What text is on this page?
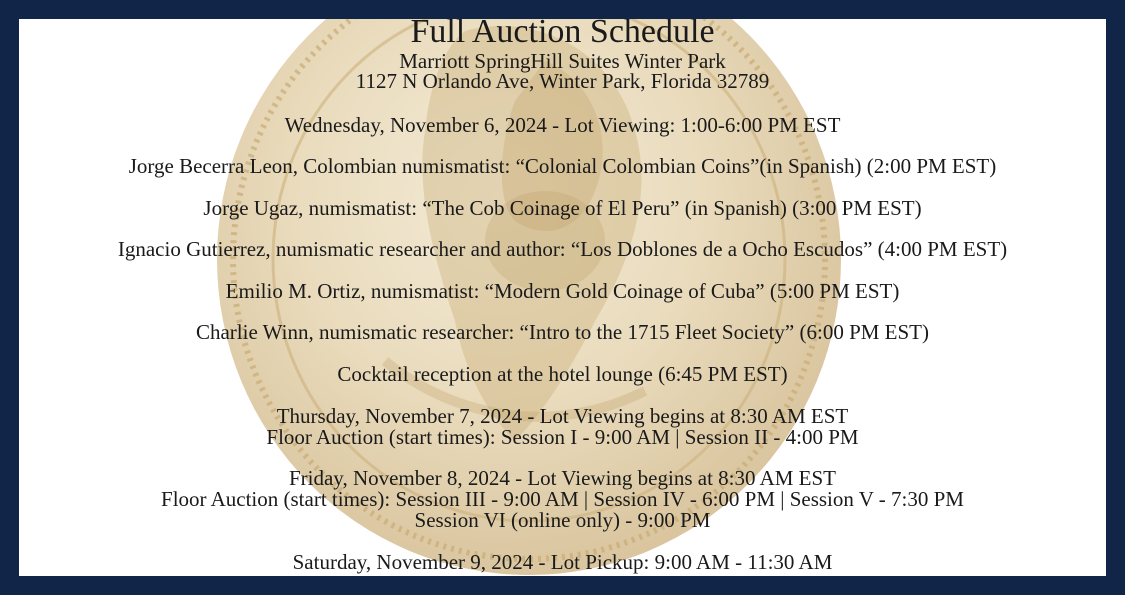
Full Auction Schedule
Marriott SpringHill Suites Winter Park
1127 N Orlando Ave, Winter Park, Florida 32789
Wednesday, November 6, 2024 - Lot Viewing: 1:00-6:00 PM EST
Jorge Becerra Leon, Colombian numismatist: “Colonial Colombian Coins”(in Spanish) (2:00 PM EST)
Jorge Ugaz, numismatist: “The Cob Coinage of El Peru” (in Spanish) (3:00 PM EST)
Ignacio Gutierrez, numismatic researcher and author: “Los Doblones de a Ocho Escudos” (4:00 PM EST)
Emilio M. Ortiz, numismatist: “Modern Gold Coinage of Cuba” (5:00 PM EST)
Charlie Winn, numismatic researcher: “Intro to the 1715 Fleet Society” (6:00 PM EST)
Cocktail reception at the hotel lounge (6:45 PM EST)
Thursday, November 7, 2024 - Lot Viewing begins at 8:30 AM EST
Floor Auction (start times): Session I - 9:00 AM | Session II - 4:00 PM
Friday, November 8, 2024 - Lot Viewing begins at 8:30 AM EST
Floor Auction (start times): Session III - 9:00 AM | Session IV - 6:00 PM | Session V - 7:30 PM
Session VI (online only) - 9:00 PM
Saturday, November 9, 2024 - Lot Pickup: 9:00 AM - 11:30 AM
